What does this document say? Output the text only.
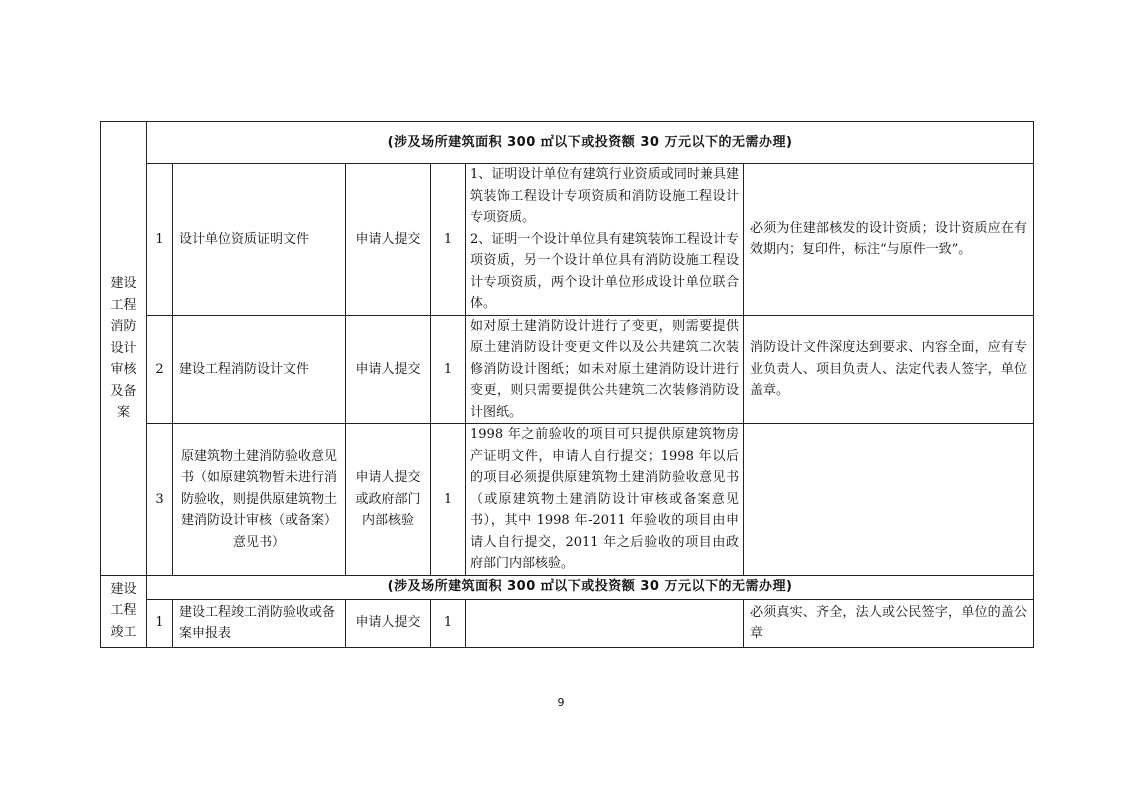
建设工程消防设计审核及备案	(涉及场所建筑面积 300 ㎡以下或投资额 30 万元以下的无需办理)					
	1	设计单位资质证明文件	申请人提交	1	1、证明设计单位有建筑行业资质或同时兼具建筑装饰工程设计专项资质和消防设施工程设计专项资质。
2、证明一个设计单位具有建筑装饰工程设计专项资质，另一个设计单位具有消防设施工程设计专项资质，两个设计单位形成设计单位联合体。	必须为住建部核发的设计资质；设计资质应在有效期内；复印件，标注“与原件一致”。
	2	建设工程消防设计文件	申请人提交	1	如对原土建消防设计进行了变更，则需要提供原土建消防设计变更文件以及公共建筑二次装修消防设计图纸；如未对原土建消防设计进行变更，则只需要提供公共建筑二次装修消防设计图纸。	消防设计文件深度达到要求、内容全面，应有专业负责人、项目负责人、法定代表人签字，单位盖章。
	3	原建筑物土建消防验收意见书（如原建筑物暂未进行消防验收，则提供原建筑物土建消防设计审核（或备案）意见书）	申请人提交或政府部门内部核验	1	1998 年之前验收的项目可只提供原建筑物房产证明文件，申请人自行提交；1998 年以后的项目必须提供原建筑物土建消防验收意见书（或原建筑物土建消防设计审核或备案意见书），其中 1998 年-2011 年验收的项目由申请人自行提交，2011 年之后验收的项目由政府部门内部核验。	

建设工程竣工	(涉及场所建筑面积 300 ㎡以下或投资额 30 万元以下的无需办理)					
	1	建设工程竣工消防验收或备案申报表	申请人提交	1		必须真实、齐全，法人或公民签字，单位的盖公章
9
